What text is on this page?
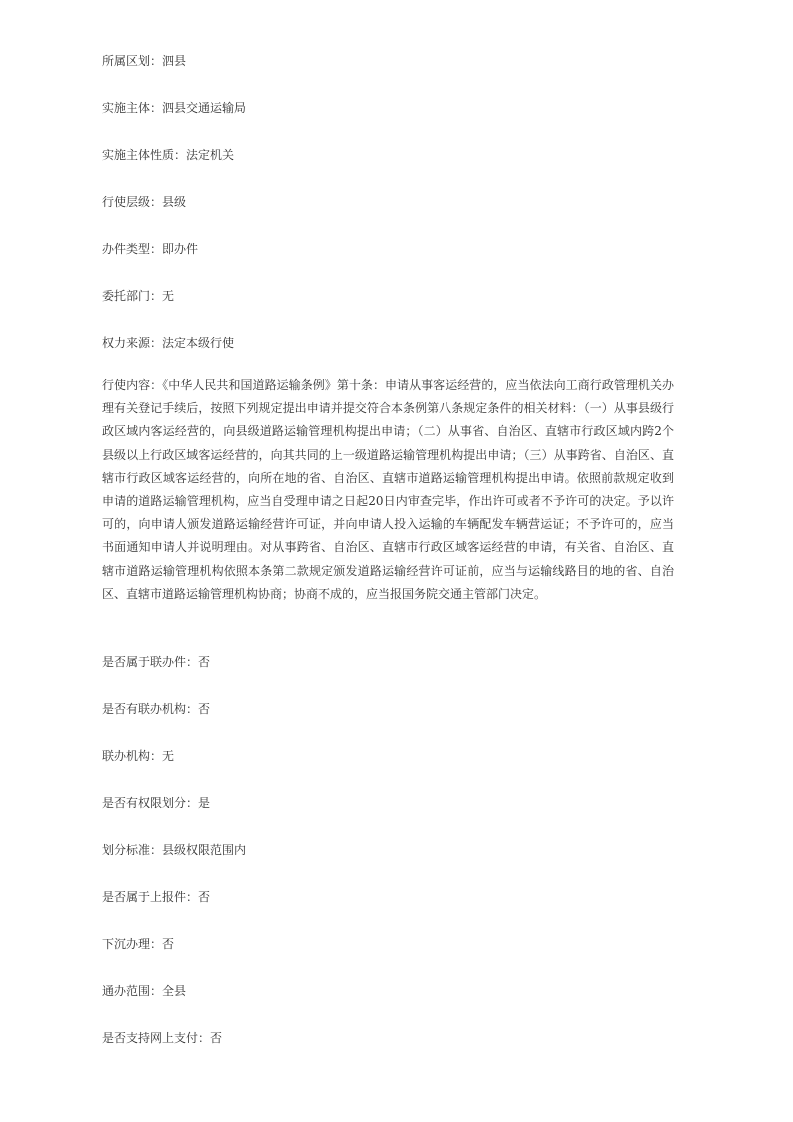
所属区划：泗县

实施主体：泗县交通运输局

实施主体性质：法定机关

行使层级：县级

办件类型：即办件

委托部门：无

权力来源：法定本级行使

行使内容：《中华人民共和国道路运输条例》第十条：申请从事客运经营的，应当依法向工商行政管理机关办理有关登记手续后，按照下列规定提出申请并提交符合本条例第八条规定条件的相关材料：（一）从事县级行政区域内客运经营的，向县级道路运输管理机构提出申请；（二）从事省、自治区、直辖市行政区域内跨2个县级以上行政区域客运经营的，向其共同的上一级道路运输管理机构提出申请；（三）从事跨省、自治区、直辖市行政区域客运经营的，向所在地的省、自治区、直辖市道路运输管理机构提出申请。依照前款规定收到申请的道路运输管理机构，应当自受理申请之日起20日内审查完毕，作出许可或者不予许可的决定。予以许可的，向申请人颁发道路运输经营许可证，并向申请人投入运输的车辆配发车辆营运证；不予许可的，应当书面通知申请人并说明理由。对从事跨省、自治区、直辖市行政区域客运经营的申请，有关省、自治区、直辖市道路运输管理机构依照本条第二款规定颁发道路运输经营许可证前，应当与运输线路目的地的省、自治区、直辖市道路运输管理机构协商；协商不成的，应当报国务院交通主管部门决定。

是否属于联办件：否

是否有联办机构：否

联办机构：无

是否有权限划分：是

划分标准：县级权限范围内

是否属于上报件：否

下沉办理：否

通办范围：全县

是否支持网上支付：否
